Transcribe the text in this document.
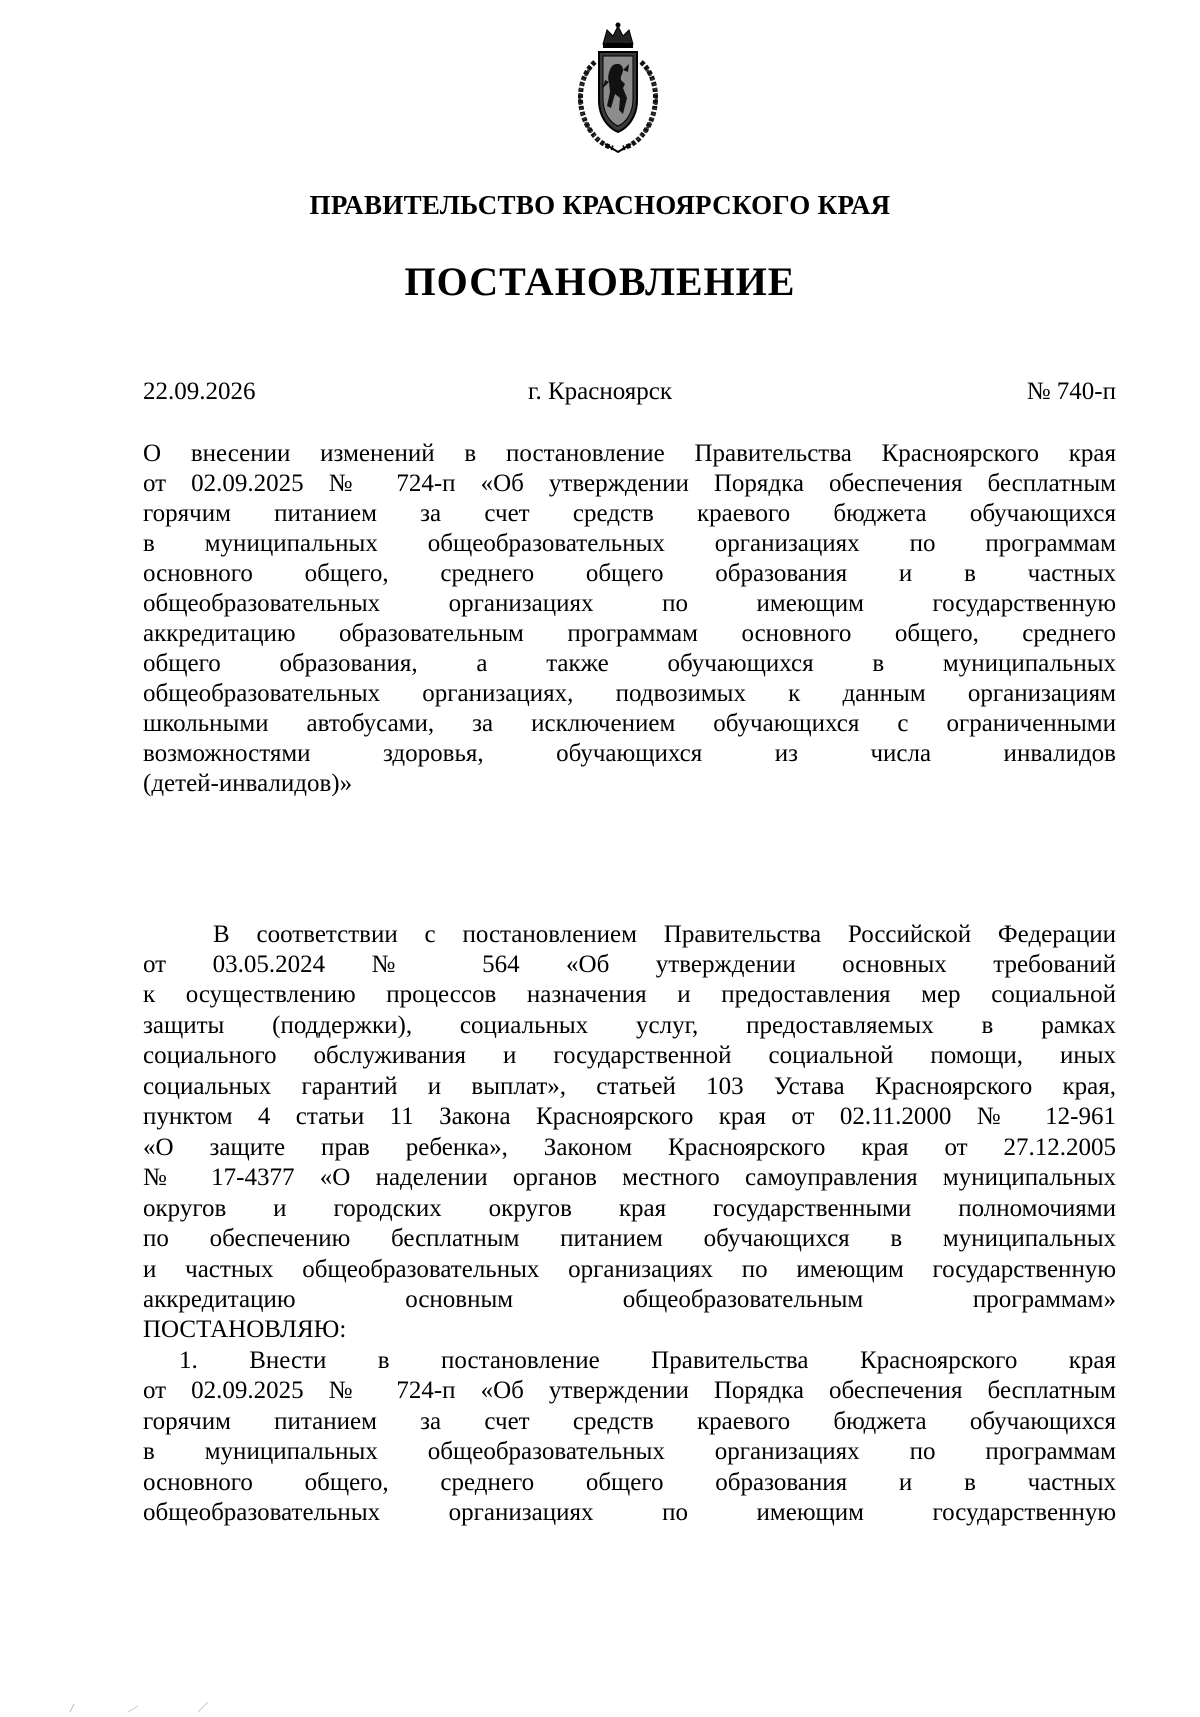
ПРАВИТЕЛЬСТВО КРАСНОЯРСКОГО КРАЯ
ПОСТАНОВЛЕНИЕ
22.09.2026	г. Красноярск	№ 740-п
О внесении изменений в постановление Правительства Красноярского края
от 02.09.2025 № 724-п «Об утверждении Порядка обеспечения бесплатным
горячим питанием за счет средств краевого бюджета обучающихся
в муниципальных общеобразовательных организациях по программам
основного общего, среднего общего образования и в частных
общеобразовательных организациях по имеющим государственную
аккредитацию образовательным программам основного общего, среднего
общего образования, а также обучающихся в муниципальных
общеобразовательных организациях, подвозимых к данным организациям
школьными автобусами, за исключением обучающихся с ограниченными
возможностями здоровья, обучающихся из числа инвалидов
(детей-инвалидов)»
В соответствии с постановлением Правительства Российской Федерации
от 03.05.2024 № 564 «Об утверждении основных требований
к осуществлению процессов назначения и предоставления мер социальной
защиты (поддержки), социальных услуг, предоставляемых в рамках
социального обслуживания и государственной социальной помощи, иных
социальных гарантий и выплат», статьей 103 Устава Красноярского края,
пунктом 4 статьи 11 Закона Красноярского края от 02.11.2000 № 12-961
«О защите прав ребенка», Законом Красноярского края от 27.12.2005
№ 17-4377 «О наделении органов местного самоуправления муниципальных
округов и городских округов края государственными полномочиями
по обеспечению бесплатным питанием обучающихся в муниципальных
и частных общеобразовательных организациях по имеющим государственную
аккредитацию основным общеобразовательным программам»
ПОСТАНОВЛЯЮ:
1. Внести в постановление Правительства Красноярского края
от 02.09.2025 № 724-п «Об утверждении Порядка обеспечения бесплатным
горячим питанием за счет средств краевого бюджета обучающихся
в муниципальных общеобразовательных организациях по программам
основного общего, среднего общего образования и в частных
общеобразовательных организациях по имеющим государственную
